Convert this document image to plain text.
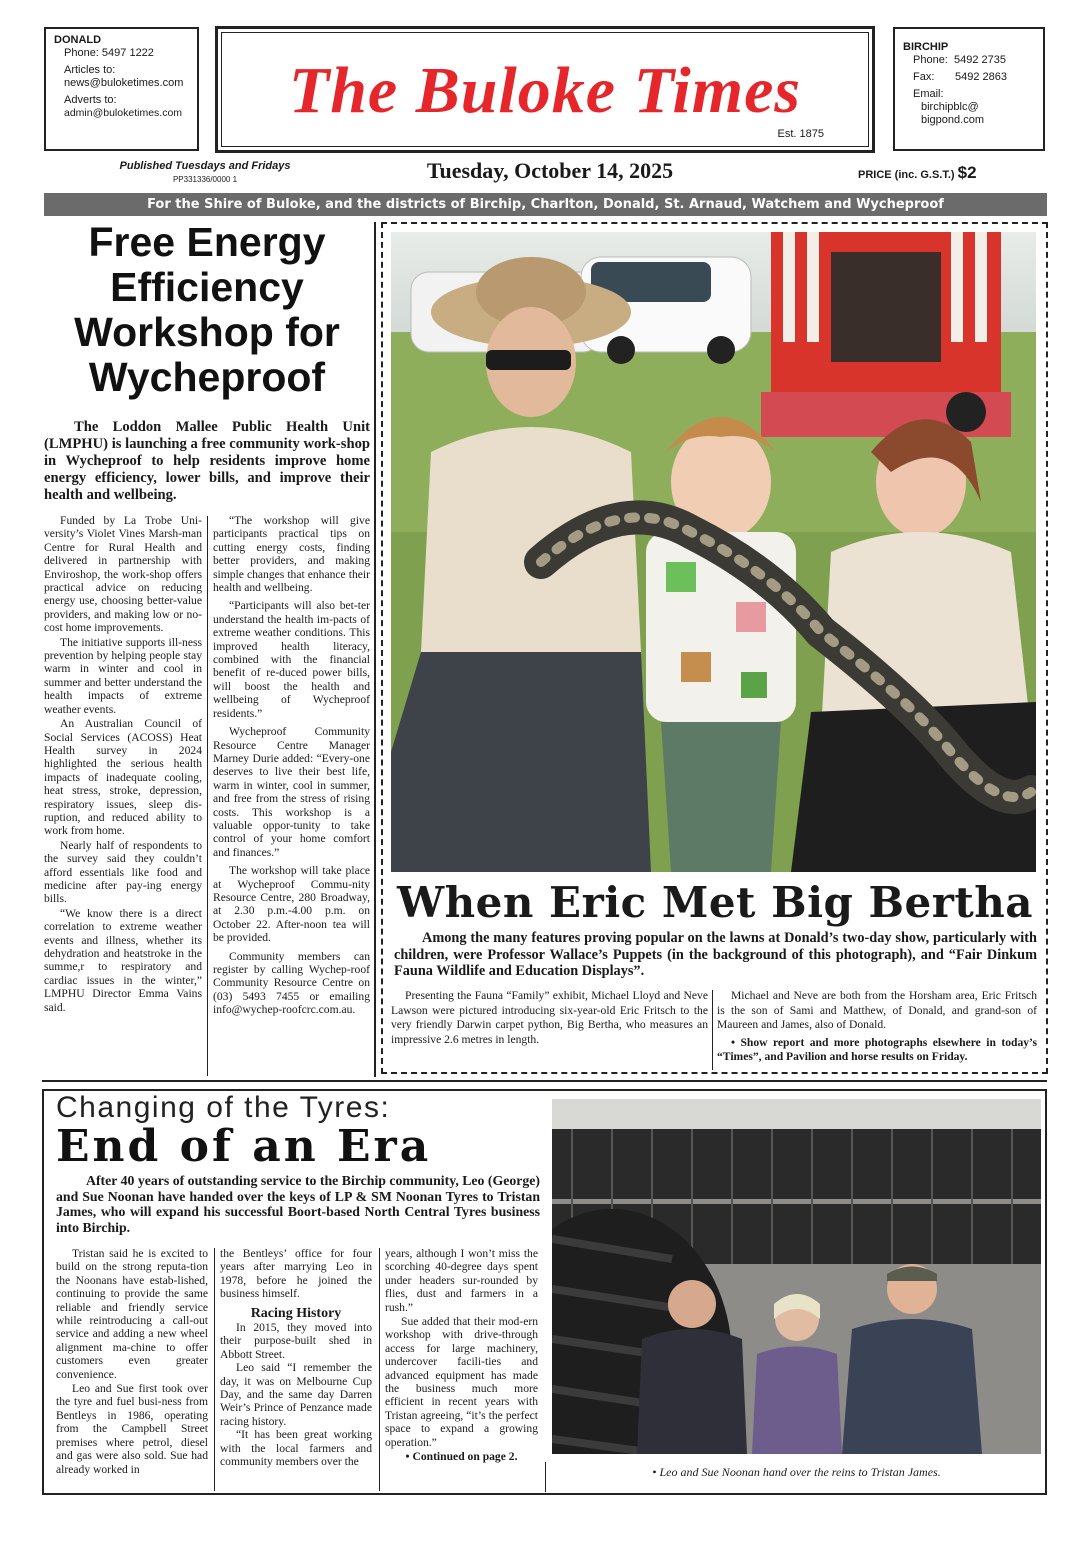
DONALD
Phone: 5497 1222
Articles to:
news@buloketimes.com
Adverts to:
admin@buloketimes.com	The Buloke Times
Est. 1875
BIRCHIP
Phone: 5492 2735
Fax: 5492 2863
Email:
birchipblc@
bigpond.com
Published Tuesdays and Fridays
PP331336/0000 1	Tuesday, October 14, 2025	PRICE (inc. G.S.T.) $2
For the Shire of Buloke, and the districts of Birchip, Charlton, Donald, St. Arnaud, Watchem and Wycheproof
Free Energy Efficiency Workshop for Wycheproof
The Loddon Mallee Public Health Unit (LMPHU) is launching a free community work-shop in Wycheproof to help residents improve home energy efficiency, lower bills, and improve their health and wellbeing.

Funded by La Trobe Uni-versity’s Violet Vines Marsh-man Centre for Rural Health and delivered in partnership with Enviroshop, the work-shop offers practical advice on reducing energy use, choosing better-value providers, and making low or no-cost home improvements.

The initiative supports ill-ness prevention by helping people stay warm in winter and cool in summer and better understand the health impacts of extreme weather events.

An Australian Council of Social Services (ACOSS) Heat Health survey in 2024 highlighted the serious health impacts of inadequate cooling, heat stress, stroke, depression, respiratory issues, sleep dis-ruption, and reduced ability to work from home.

Nearly half of respondents to the survey said they couldn’t afford essentials like food and medicine after pay-ing energy bills.

“We know there is a direct correlation to extreme weather events and illness, whether its dehydration and heatstroke in the summe,r to respiratory and cardiac issues in the winter,” LMPHU Director Emma Vains said.

“The workshop will give participants practical tips on cutting energy costs, finding better providers, and making simple changes that enhance their health and wellbeing.

“Participants will also bet-ter understand the health im-pacts of extreme weather conditions. This improved health literacy, combined with the financial benefit of re-duced power bills, will boost the health and wellbeing of Wycheproof residents.”

Wycheproof Community Resource Centre Manager Marney Durie added: “Every-one deserves to live their best life, warm in winter, cool in summer, and free from the stress of rising costs. This workshop is a valuable oppor-tunity to take control of your home comfort and finances.”

The workshop will take place at Wycheproof Commu-nity Resource Centre, 280 Broadway, at 2.30 p.m.-4.00 p.m. on October 22. After-noon tea will be provided.

Community members can register by calling Wychep-roof Community Resource Centre on (03) 5493 7455 or emailing info@wychep-roofcrc.com.au.

When Eric Met Big Bertha
Among the many features proving popular on the lawns at Donald’s two-day show, particularly with children, were Professor Wallace’s Puppets (in the background of this photograph), and “Fair Dinkum Fauna Wildlife and Education Displays”.

Presenting the Fauna “Family” exhibit, Michael Lloyd and Neve Lawson were pictured introducing six-year-old Eric Fritsch to the very friendly Darwin carpet python, Big Bertha, who measures an impressive 2.6 metres in length.

Michael and Neve are both from the Horsham area, Eric Fritsch is the son of Sami and Matthew, of Donald, and grand-son of Maureen and James, also of Donald.

• Show report and more photographs elsewhere in today’s “Times”, and Pavilion and horse results on Friday.

Changing of the Tyres:
End of an Era
After 40 years of outstanding service to the Birchip community, Leo (George) and Sue Noonan have handed over the keys of LP & SM Noonan Tyres to Tristan James, who will expand his successful Boort-based North Central Tyres business into Birchip.

Tristan said he is excited to build on the strong reputa-tion the Noonans have estab-lished, continuing to provide the same reliable and friendly service while reintroducing a call-out service and adding a new wheel alignment ma-chine to offer customers even greater convenience.

Leo and Sue first took over the tyre and fuel busi-ness from Bentleys in 1986, operating from the Campbell Street premises where petrol, diesel and gas were also sold. Sue had already worked in

the Bentleys’ office for four years after marrying Leo in 1978, before he joined the business himself.

Racing History

In 2015, they moved into their purpose-built shed in Abbott Street.

Leo said “I remember the day, it was on Melbourne Cup Day, and the same day Darren Weir’s Prince of Penzance made racing history.

“It has been great working with the local farmers and community members over the

years, although I won’t miss the scorching 40-degree days spent under headers sur-rounded by flies, dust and farmers in a rush.”

Sue added that their mod-ern workshop with drive-through access for large machinery, undercover facili-ties and advanced equipment has made the business much more efficient in recent years with Tristan agreeing, “it’s the perfect space to expand a growing operation.”

• Continued on page 2.

• Leo and Sue Noonan hand over the reins to Tristan James.
